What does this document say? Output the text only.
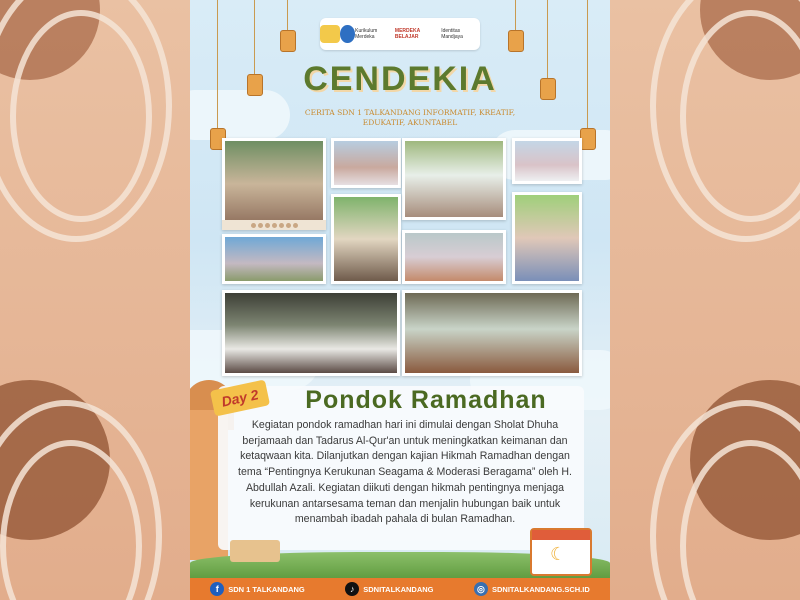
Kurikulum Merdeka
MERDEKA BELAJAR
Identitas Mandjaya
CENDEKIA
CERITA SDN 1 TALKANDANG INFORMATIF, KREATIF, EDUKATIF, AKUNTABEL
Day 2	Pondok Ramadhan

Kegiatan pondok ramadhan hari ini dimulai dengan Sholat Dhuha berjamaah dan Tadarus Al-Qur'an untuk meningkatkan keimanan dan ketaqwaan kita. Dilanjutkan dengan kajian Hikmah Ramadhan dengan tema “Pentingnya Kerukunan Seagama & Moderasi Beragama” oleh H. Abdullah Azali. Kegiatan diikuti dengan hikmah pentingnya menjaga kerukunan antarsesama teman dan menjalin hubungan baik untuk menambah ibadah pahala di bulan Ramadhan.

☾
f	SDN 1 TALKANDANG	♪	SDNITALKANDANG	◎ SDNITALKANDANG.SCH.ID
